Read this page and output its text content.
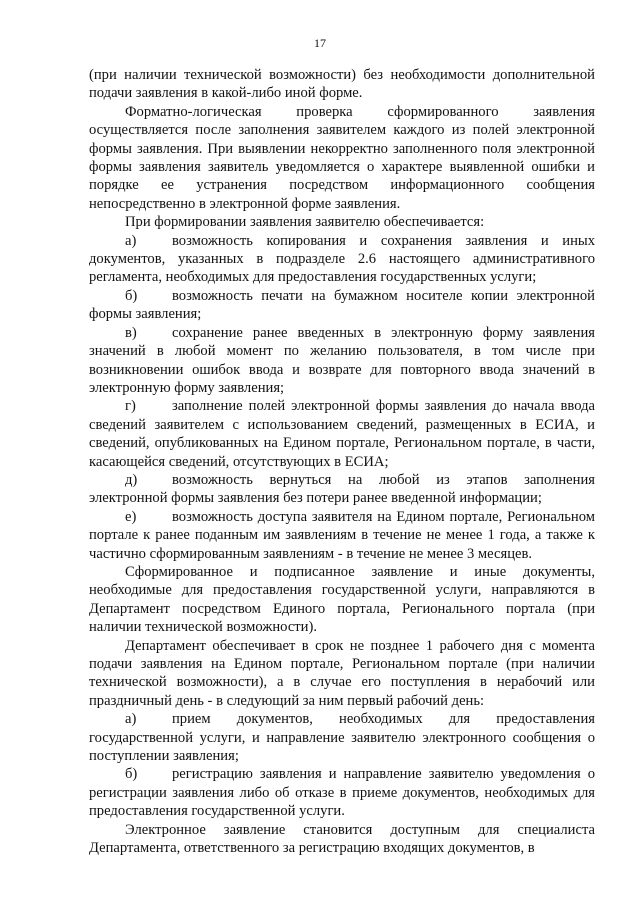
17

(при наличии технической возможности) без необходимости дополнительной подачи заявления в какой-либо иной форме.

Форматно-логическая проверка сформированного заявления осуществляется после заполнения заявителем каждого из полей электронной формы заявления. При выявлении некорректно заполненного поля электронной формы заявления заявитель уведомляется о характере выявленной ошибки и порядке ее устранения посредством информационного сообщения непосредственно в электронной форме заявления.

При формировании заявления заявителю обеспечивается:

а) возможность копирования и сохранения заявления и иных документов, указанных в подразделе 2.6 настоящего административного регламента, необходимых для предоставления государственных услуги;

б) возможность печати на бумажном носителе копии электронной формы заявления;

в) сохранение ранее введенных в электронную форму заявления значений в любой момент по желанию пользователя, в том числе при возникновении ошибок ввода и возврате для повторного ввода значений в электронную форму заявления;

г) заполнение полей электронной формы заявления до начала ввода сведений заявителем с использованием сведений, размещенных в ЕСИА, и сведений, опубликованных на Едином портале, Региональном портале, в части, касающейся сведений, отсутствующих в ЕСИА;

д) возможность вернуться на любой из этапов заполнения электронной формы заявления без потери ранее введенной информации;

е) возможность доступа заявителя на Едином портале, Региональном портале к ранее поданным им заявлениям в течение не менее 1 года, а также к частично сформированным заявлениям - в течение не менее 3 месяцев.

Сформированное и подписанное заявление и иные документы, необходимые для предоставления государственной услуги, направляются в Департамент посредством Единого портала, Регионального портала (при наличии технической возможности).

Департамент обеспечивает в срок не позднее 1 рабочего дня с момента подачи заявления на Едином портале, Региональном портале (при наличии технической возможности), а в случае его поступления в нерабочий или праздничный день - в следующий за ним первый рабочий день:

а) прием документов, необходимых для предоставления государственной услуги, и направление заявителю электронного сообщения о поступлении заявления;

б) регистрацию заявления и направление заявителю уведомления о регистрации заявления либо об отказе в приеме документов, необходимых для предоставления государственной услуги.

Электронное заявление становится доступным для специалиста Департамента, ответственного за регистрацию входящих документов, в
